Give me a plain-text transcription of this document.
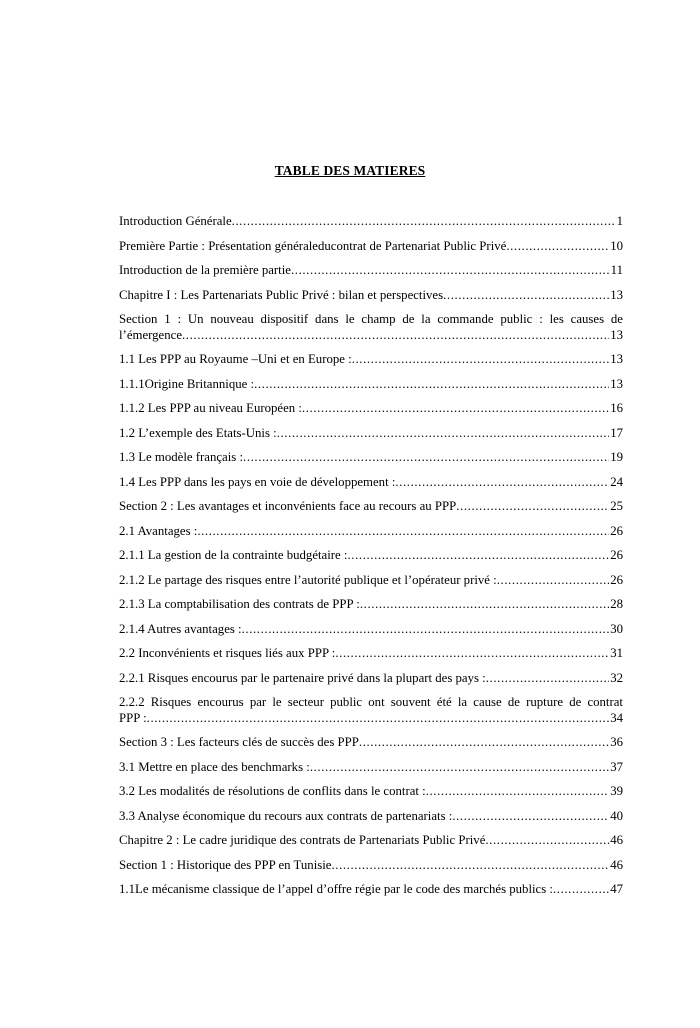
TABLE DES MATIERES
Introduction Générale .....	1
Première Partie : Présentation généraleducontrat de Partenariat Public Privé .....	10
Introduction de la première partie .....	11
Chapitre I : Les Partenariats Public Privé : bilan et perspectives .....	13
Section 1 : Un nouveau dispositif dans le champ de la commande public : les causes de
l’émergence .....	13
1.1 Les PPP au Royaume –Uni et en Europe : .....	13
1.1.1Origine Britannique : .....	13
1.1.2 Les PPP au niveau Européen : .....	16
1.2 L’exemple des Etats-Unis : .....	17
1.3 Le modèle français : .....	19
1.4 Les PPP dans les pays en voie de développement : .....	24
Section 2 : Les avantages et inconvénients face au recours au PPP .....	25
2.1 Avantages : .....	26
2.1.1 La gestion de la contrainte budgétaire : .....	26
2.1.2 Le partage des risques entre l’autorité publique et l’opérateur privé : .....	26
2.1.3 La comptabilisation des contrats de PPP : .....	28
2.1.4 Autres avantages : .....	30
2.2 Inconvénients et risques liés aux PPP : .....	31
2.2.1 Risques encourus par le partenaire privé dans la plupart des pays : .....	32
2.2.2 Risques encourus par le secteur public ont souvent été la cause de rupture de contrat
PPP : .....	34
Section 3 : Les facteurs clés de succès des PPP .....	36
3.1 Mettre en place des benchmarks : .....	37
3.2 Les modalités de résolutions de conflits dans le contrat : .....	39
3.3 Analyse économique du recours aux contrats de partenariats : .....	40
Chapitre 2 : Le cadre juridique des contrats de Partenariats Public Privé .....	46
Section 1 : Historique des PPP en Tunisie .....	46
1.1Le mécanisme classique de l’appel d’offre régie par le code des marchés publics : .....	47
